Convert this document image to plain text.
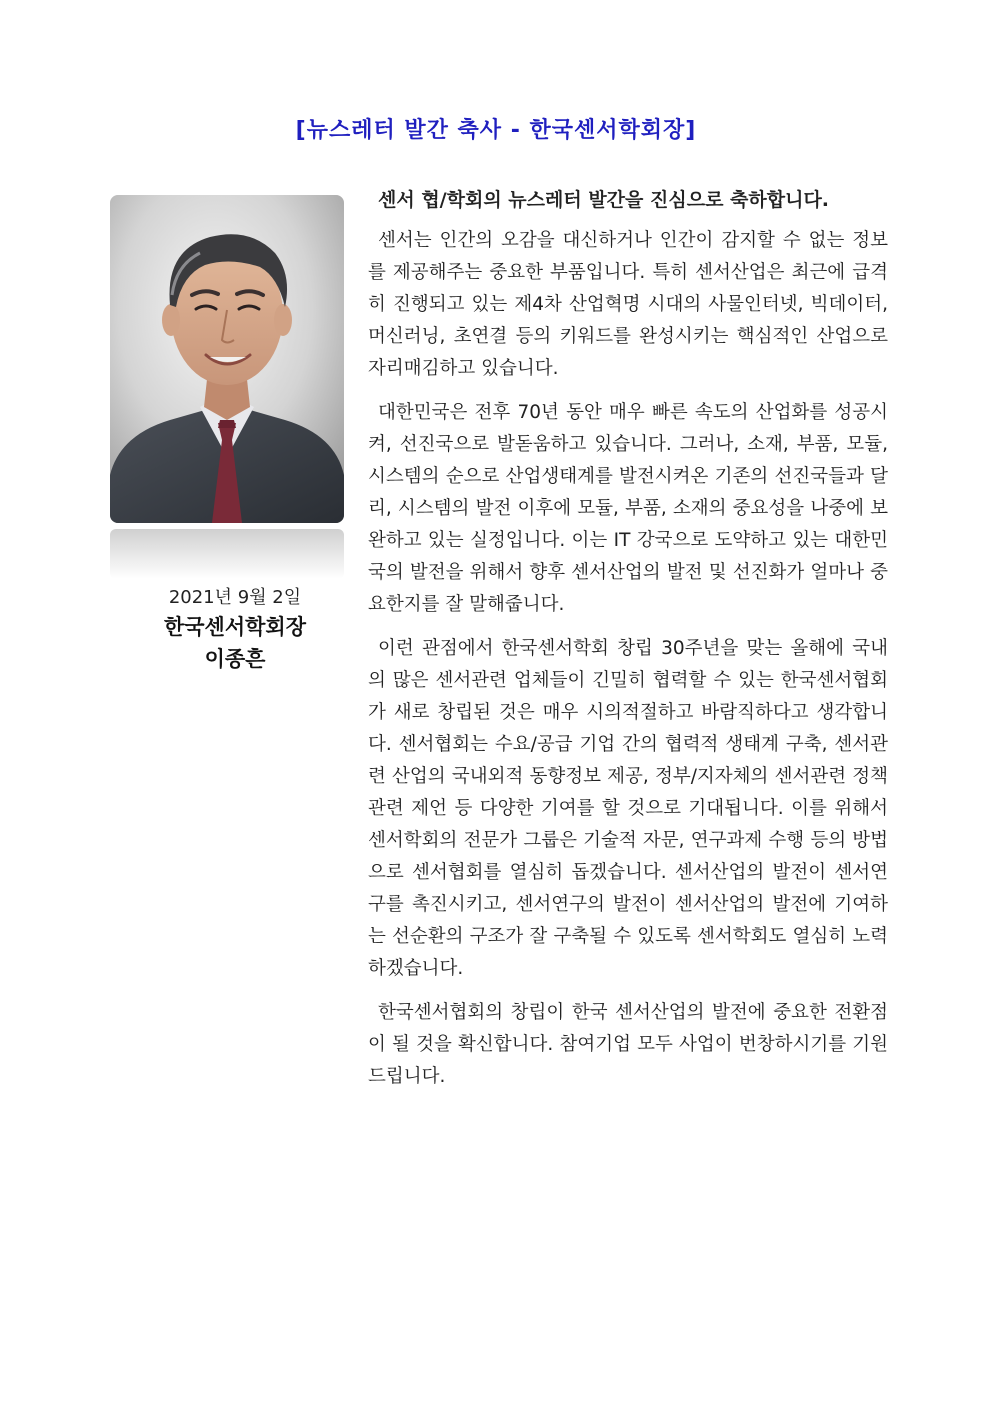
[뉴스레터 발간 축사 - 한국센서학회장]
2021년 9월 2일
한국센서학회장
이종흔
센서 협/학회의 뉴스레터 발간을 진심으로 축하합니다.

센서는 인간의 오감을 대신하거나 인간이 감지할 수 없는 정보를 제공해주는 중요한 부품입니다. 특히 센서산업은 최근에 급격히 진행되고 있는 제4차 산업혁명 시대의 사물인터넷, 빅데이터, 머신러닝, 초연결 등의 키워드를 완성시키는 핵심적인 산업으로 자리매김하고 있습니다.

대한민국은 전후 70년 동안 매우 빠른 속도의 산업화를 성공시켜, 선진국으로 발돋움하고 있습니다. 그러나, 소재, 부품, 모듈, 시스템의 순으로 산업생태계를 발전시켜온 기존의 선진국들과 달리, 시스템의 발전 이후에 모듈, 부품, 소재의 중요성을 나중에 보완하고 있는 실정입니다. 이는 IT 강국으로 도약하고 있는 대한민국의 발전을 위해서 향후 센서산업의 발전 및 선진화가 얼마나 중요한지를 잘 말해줍니다.

이런 관점에서 한국센서학회 창립 30주년을 맞는 올해에 국내의 많은 센서관련 업체들이 긴밀히 협력할 수 있는 한국센서협회가 새로 창립된 것은 매우 시의적절하고 바람직하다고 생각합니다. 센서협회는 수요/공급 기업 간의 협력적 생태계 구축, 센서관련 산업의 국내외적 동향정보 제공, 정부/지자체의 센서관련 정책관련 제언 등 다양한 기여를 할 것으로 기대됩니다. 이를 위해서 센서학회의 전문가 그룹은 기술적 자문, 연구과제 수행 등의 방법으로 센서협회를 열심히 돕겠습니다. 센서산업의 발전이 센서연구를 촉진시키고, 센서연구의 발전이 센서산업의 발전에 기여하는 선순환의 구조가 잘 구축될 수 있도록 센서학회도 열심히 노력하겠습니다.

한국센서협회의 창립이 한국 센서산업의 발전에 중요한 전환점이 될 것을 확신합니다. 참여기업 모두 사업이 번창하시기를 기원 드립니다.
